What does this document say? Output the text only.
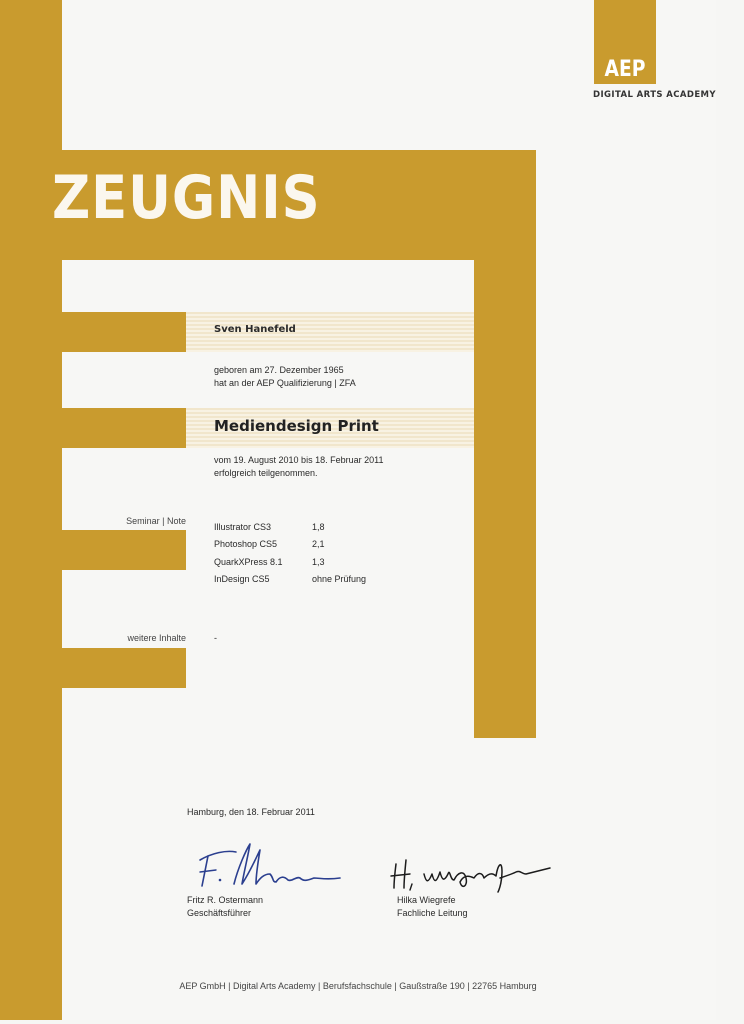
ZEUGNIS
AEP
DIGITAL ARTS ACADEMY
Sven Hanefeld
geboren am 27. Dezember 1965
hat an der AEP Qualifizierung | ZFA
Mediendesign Print
vom 19. August 2010 bis 18. Februar 2011
erfolgreich teilgenommen.
Seminar | Note
Illustrator CS3	1,8
Photoshop CS5	2,1
QuarkXPress 8.1	1,3
InDesign CS5	ohne Prüfung
weitere Inhalte	-
Hamburg, den 18. Februar 2011
Fritz R. Ostermann
Geschäftsführer
Hilka Wiegrefe
Fachliche Leitung
AEP GmbH | Digital Arts Academy | Berufsfachschule | Gaußstraße 190 | 22765 Hamburg
